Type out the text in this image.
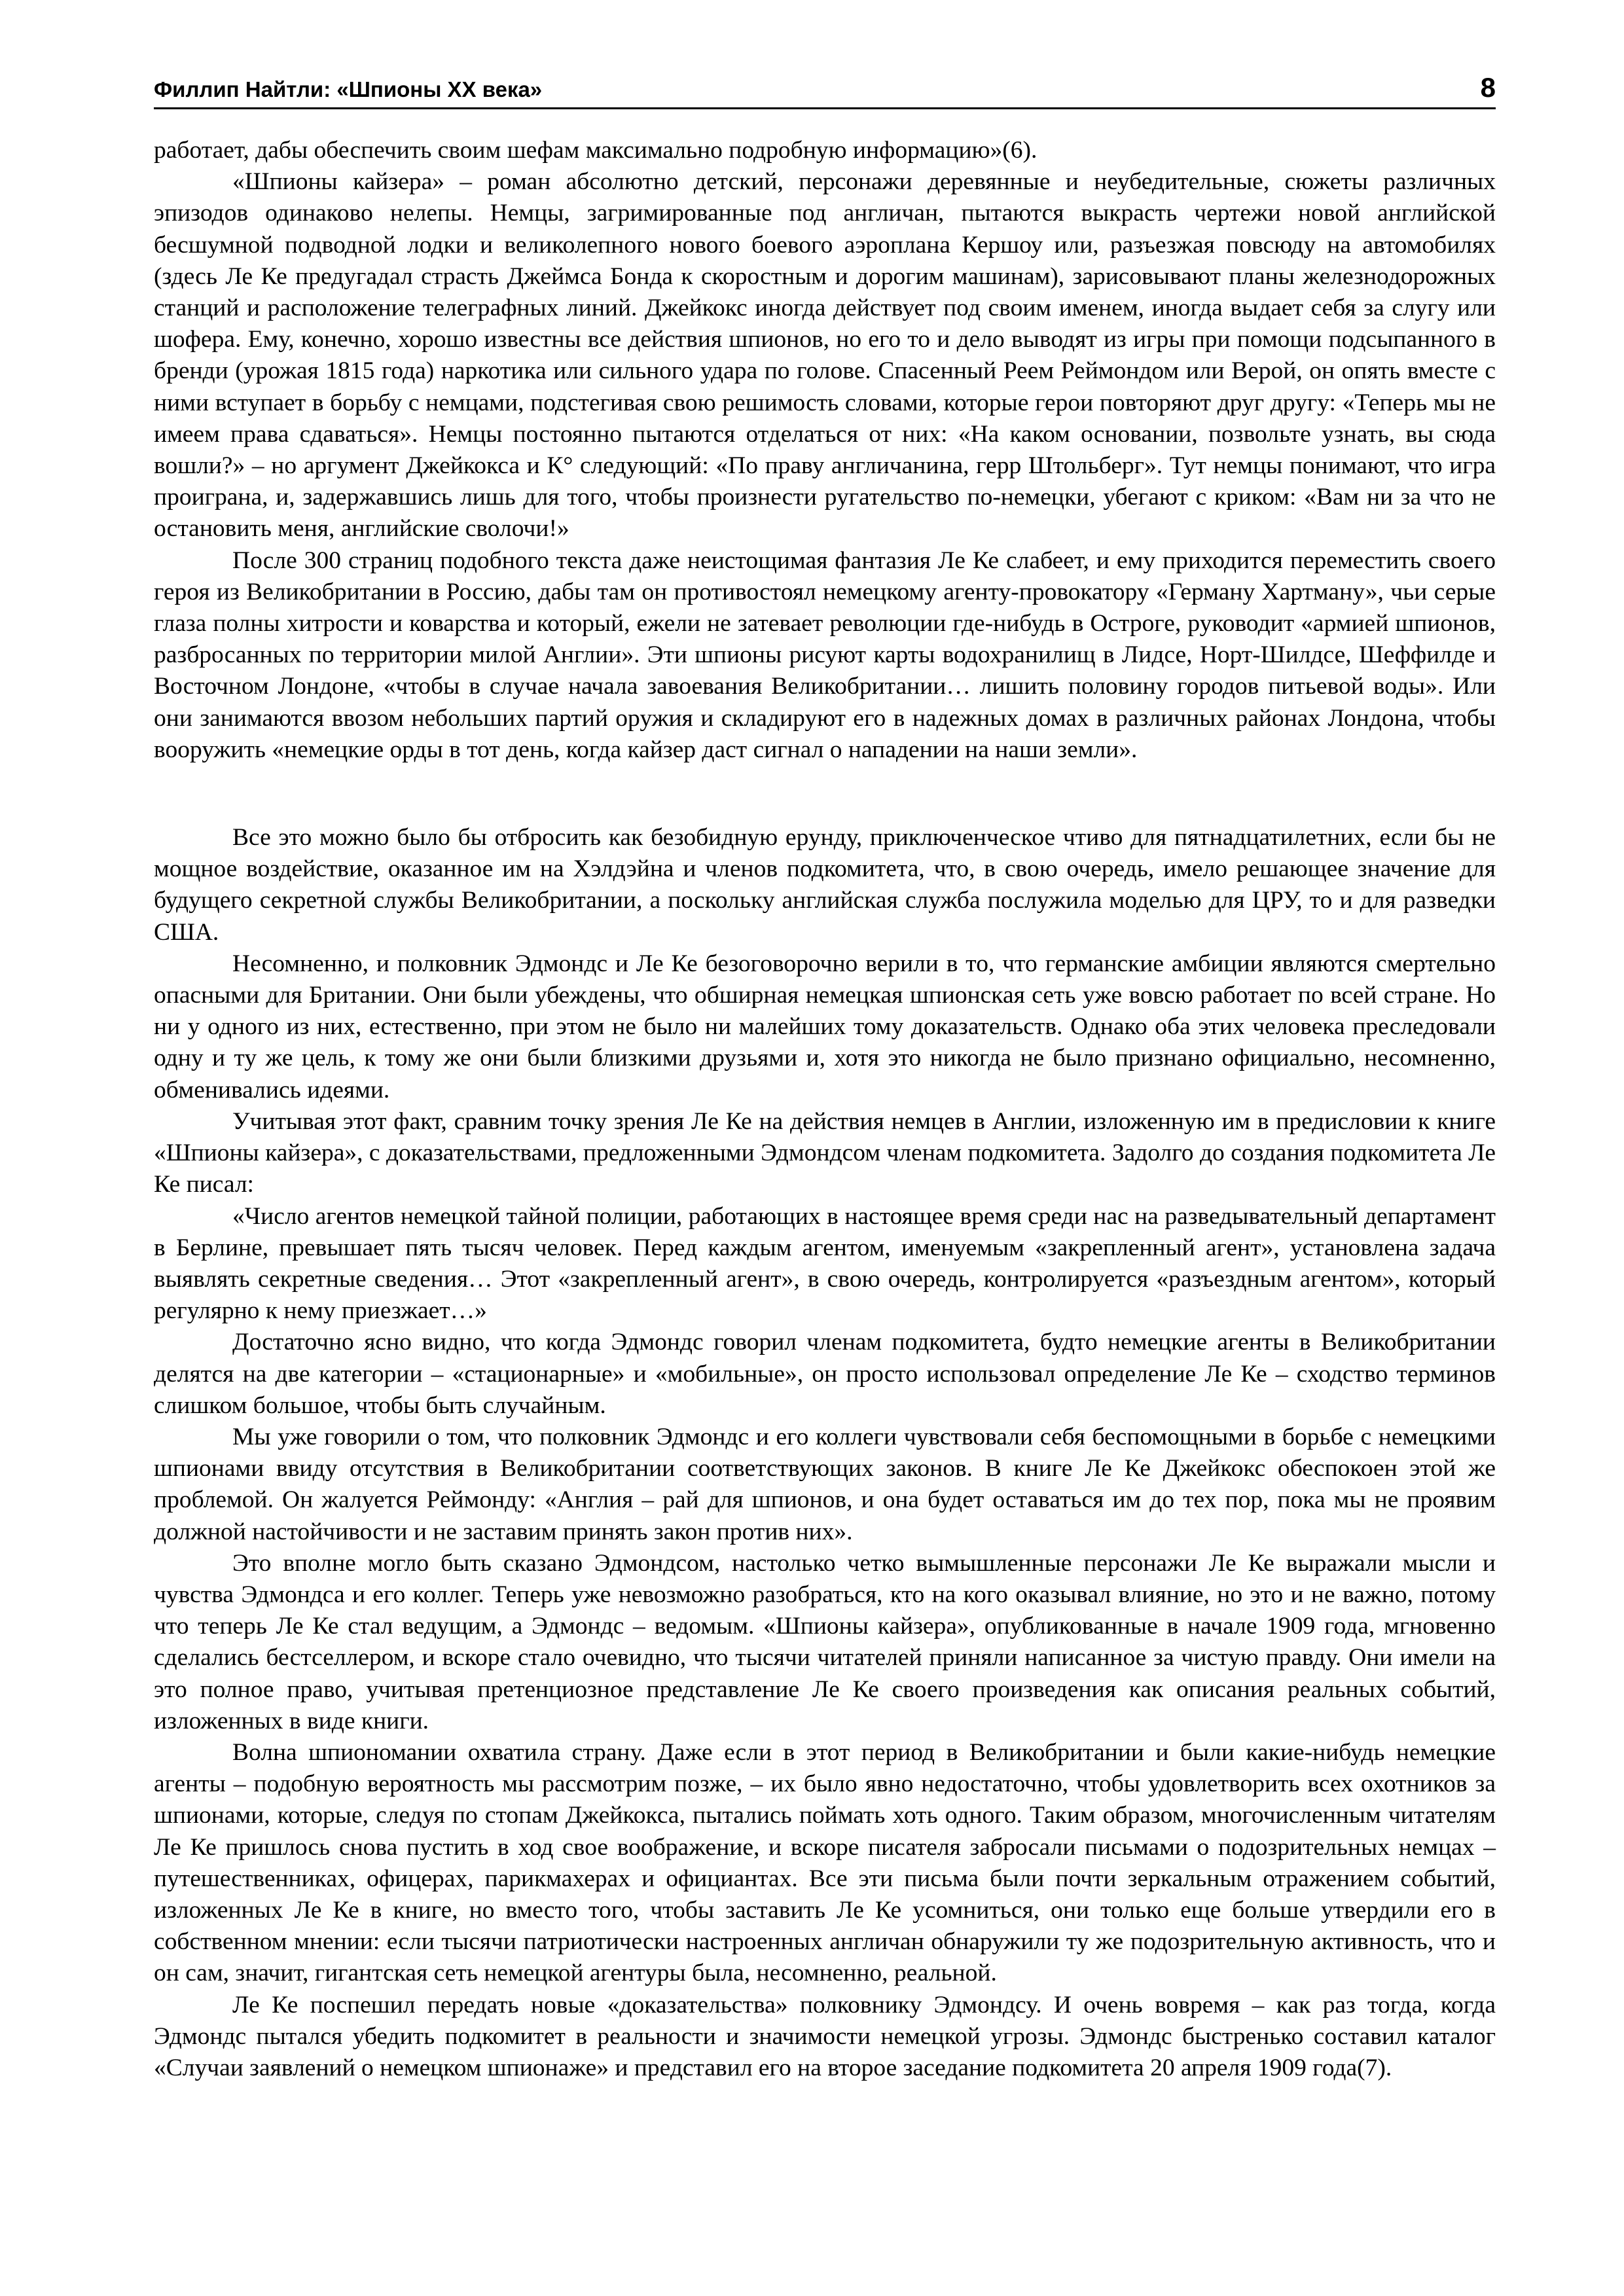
Филлип Найтли: «Шпионы XX века»	8

работает, дабы обеспечить своим шефам максимально подробную информацию»(6).

«Шпионы кайзера» – роман абсолютно детский, персонажи деревянные и неубедительные, сюжеты различных эпизодов одинаково нелепы. Немцы, загримированные под англичан, пытаются выкрасть чертежи новой английской бесшумной подводной лодки и великолепного нового боевого аэроплана Кершоу или, разъезжая повсюду на автомобилях (здесь Ле Ке предугадал страсть Джеймса Бонда к скоростным и дорогим машинам), зарисовывают планы железнодорожных станций и расположение телеграфных линий. Джейкокс иногда действует под своим именем, иногда выдает себя за слугу или шофера. Ему, конечно, хорошо известны все действия шпионов, но его то и дело выводят из игры при помощи подсыпанного в бренди (урожая 1815 года) наркотика или сильного удара по голове. Спасенный Реем Реймондом или Верой, он опять вместе с ними вступает в борьбу с немцами, подстегивая свою решимость словами, которые герои повторяют друг другу: «Теперь мы не имеем права сдаваться». Немцы постоянно пытаются отделаться от них: «На каком основании, позвольте узнать, вы сюда вошли?» – но аргумент Джейкокса и К° следующий: «По праву англичанина, герр Штольберг». Тут немцы понимают, что игра проиграна, и, задержавшись лишь для того, чтобы произнести ругательство по-немецки, убегают с криком: «Вам ни за что не остановить меня, английские сволочи!»

После 300 страниц подобного текста даже неистощимая фантазия Ле Ке слабеет, и ему приходится переместить своего героя из Великобритании в Россию, дабы там он противостоял немецкому агенту-провокатору «Герману Хартману», чьи серые глаза полны хитрости и коварства и который, ежели не затевает революции где-нибудь в Остроге, руководит «армией шпионов, разбросанных по территории милой Англии». Эти шпионы рисуют карты водохранилищ в Лидсе, Норт-Шилдсе, Шеффилде и Восточном Лондоне, «чтобы в случае начала завоевания Великобритании… лишить половину городов питьевой воды». Или они занимаются ввозом небольших партий оружия и складируют его в надежных домах в различных районах Лондона, чтобы вооружить «немецкие орды в тот день, когда кайзер даст сигнал о нападении на наши земли».

Все это можно было бы отбросить как безобидную ерунду, приключенческое чтиво для пятнадцатилетних, если бы не мощное воздействие, оказанное им на Хэлдэйна и членов подкомитета, что, в свою очередь, имело решающее значение для будущего секретной службы Великобритании, а поскольку английская служба послужила моделью для ЦРУ, то и для разведки США.

Несомненно, и полковник Эдмондс и Ле Ке безоговорочно верили в то, что германские амбиции являются смертельно опасными для Британии. Они были убеждены, что обширная немецкая шпионская сеть уже вовсю работает по всей стране. Но ни у одного из них, естественно, при этом не было ни малейших тому доказательств. Однако оба этих человека преследовали одну и ту же цель, к тому же они были близкими друзьями и, хотя это никогда не было признано официально, несомненно, обменивались идеями.

Учитывая этот факт, сравним точку зрения Ле Ке на действия немцев в Англии, изложенную им в предисловии к книге «Шпионы кайзера», с доказательствами, предложенными Эдмондсом членам подкомитета. Задолго до создания подкомитета Ле Ке писал:

«Число агентов немецкой тайной полиции, работающих в настоящее время среди нас на разведывательный департамент в Берлине, превышает пять тысяч человек. Перед каждым агентом, именуемым «закрепленный агент», установлена задача выявлять секретные сведения… Этот «закрепленный агент», в свою очередь, контролируется «разъездным агентом», который регулярно к нему приезжает…»

Достаточно ясно видно, что когда Эдмондс говорил членам подкомитета, будто немецкие агенты в Великобритании делятся на две категории – «стационарные» и «мобильные», он просто использовал определение Ле Ке – сходство терминов слишком большое, чтобы быть случайным.

Мы уже говорили о том, что полковник Эдмондс и его коллеги чувствовали себя беспомощными в борьбе с немецкими шпионами ввиду отсутствия в Великобритании соответствующих законов. В книге Ле Ке Джейкокс обеспокоен этой же проблемой. Он жалуется Реймонду: «Англия – рай для шпионов, и она будет оставаться им до тех пор, пока мы не проявим должной настойчивости и не заставим принять закон против них».

Это вполне могло быть сказано Эдмондсом, настолько четко вымышленные персонажи Ле Ке выражали мысли и чувства Эдмондса и его коллег. Теперь уже невозможно разобраться, кто на кого оказывал влияние, но это и не важно, потому что теперь Ле Ке стал ведущим, а Эдмондс – ведомым. «Шпионы кайзера», опубликованные в начале 1909 года, мгновенно сделались бестселлером, и вскоре стало очевидно, что тысячи читателей приняли написанное за чистую правду. Они имели на это полное право, учитывая претенциозное представление Ле Ке своего произведения как описания реальных событий, изложенных в виде книги.

Волна шпиономании охватила страну. Даже если в этот период в Великобритании и были какие-нибудь немецкие агенты – подобную вероятность мы рассмотрим позже, – их было явно недостаточно, чтобы удовлетворить всех охотников за шпионами, которые, следуя по стопам Джейкокса, пытались поймать хоть одного. Таким образом, многочисленным читателям Ле Ке пришлось снова пустить в ход свое воображение, и вскоре писателя забросали письмами о подозрительных немцах – путешественниках, офицерах, парикмахерах и официантах. Все эти письма были почти зеркальным отражением событий, изложенных Ле Ке в книге, но вместо того, чтобы заставить Ле Ке усомниться, они только еще больше утвердили его в собственном мнении: если тысячи патриотически настроенных англичан обнаружили ту же подозрительную активность, что и он сам, значит, гигантская сеть немецкой агентуры была, несомненно, реальной.

Ле Ке поспешил передать новые «доказательства» полковнику Эдмондсу. И очень вовремя – как раз тогда, когда Эдмондс пытался убедить подкомитет в реальности и значимости немецкой угрозы. Эдмондс быстренько составил каталог «Случаи заявлений о немецком шпионаже» и представил его на второе заседание подкомитета 20 апреля 1909 года(7).
